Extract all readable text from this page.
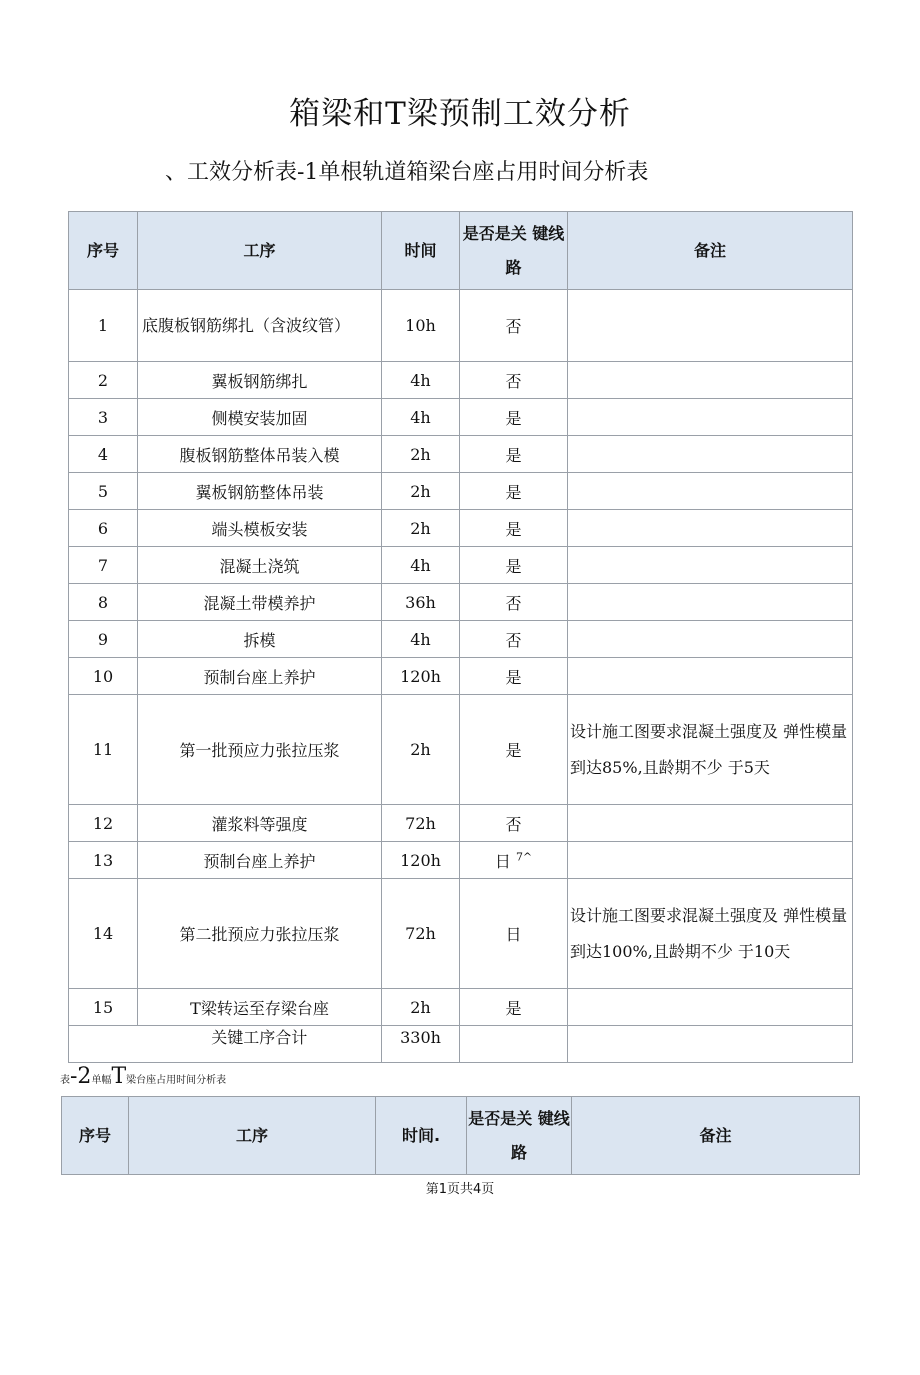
箱梁和T梁预制工效分析
、工效分析表-1单根轨道箱梁台座占用时间分析表
序号	工序	时间	是否是关 键线路	备注
1	底腹板钢筋绑扎（含波纹管）	10h	否	
2	翼板钢筋绑扎	4h	否	
3	侧模安装加固	4h	是	
4	腹板钢筋整体吊装入模	2h	是	
5	翼板钢筋整体吊装	2h	是	
6	端头模板安装	2h	是	
7	混凝土浇筑	4h	是	
8	混凝土带模养护	36h	否	
9	拆模	4h	否	
10	预制台座上养护	120h	是	
11	第一批预应力张拉压浆	2h	是	设计施工图要求混凝土强度及 弹性模量到达85%,且龄期不少 于5天
12	灌浆料等强度	72h	否	
13	预制台座上养护	120h	日 $^{7\^{}}$	
14	第二批预应力张拉压浆	72h	日	设计施工图要求混凝土强度及 弹性模量到达100%,且龄期不少 于10天
15	T梁转运至存梁台座	2h	是	
	关键工序合计	330h		
表-2单幅T梁台座占用时间分析表
序号	工序	时间.	是否是关 键线路	备注
第1页共4页
